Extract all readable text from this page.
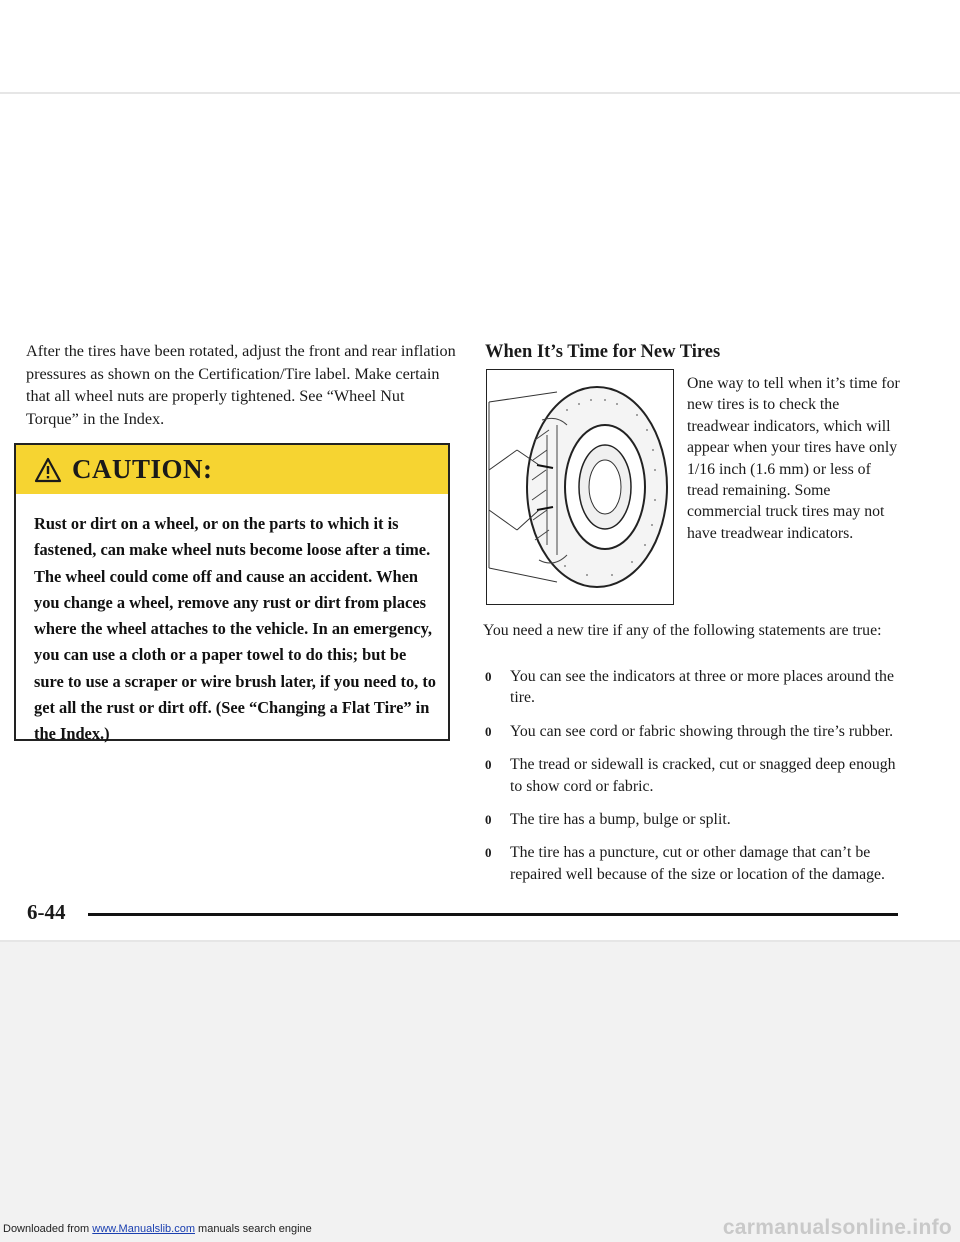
After the tires have been rotated, adjust the front and rear inflation pressures as shown on the Certification/Tire label. Make certain that all wheel nuts are properly tightened. See “Wheel Nut Torque” in the Index.

CAUTION:

Rust or dirt on a wheel, or on the parts to which it is fastened, can make wheel nuts become loose after a time. The wheel could come off and cause an accident. When you change a wheel, remove any rust or dirt from places where the wheel attaches to the vehicle. In an emergency, you can use a cloth or a paper towel to do this; but be sure to use a scraper or wire brush later, if you need to, to get all the rust or dirt off. (See “Changing a Flat Tire” in the Index.)

When It’s Time for New Tires

One way to tell when it’s time for new tires is to check the treadwear indicators, which will appear when your tires have only 1/16 inch (1.6 mm) or less of tread remaining. Some commercial truck tires may not have treadwear indicators.

You need a new tire if any of the following statements are true:

0 You can see the indicators at three or more places around the tire.
0 You can see cord or fabric showing through the tire’s rubber.
0 The tread or sidewall is cracked, cut or snagged deep enough to show cord or fabric.
0 The tire has a bump, bulge or split.
0 The tire has a puncture, cut or other damage that can’t be repaired well because of the size or location of the damage.

6-44

Downloaded from www.Manualslib.com manuals search engine	carmanualsonline.info
